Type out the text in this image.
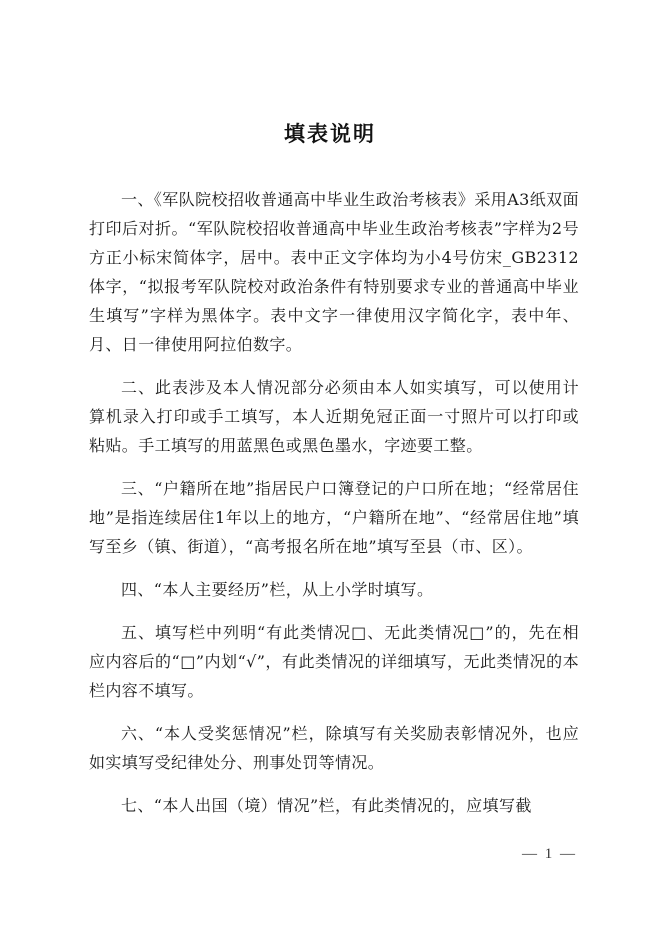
填表说明

一、《军队院校招收普通高中毕业生政治考核表》采用A3纸双面打印后对折。“军队院校招收普通高中毕业生政治考核表”字样为2号方正小标宋简体字，居中。表中正文字体均为小4号仿宋_GB2312体字，“拟报考军队院校对政治条件有特别要求专业的普通高中毕业生填写”字样为黑体字。表中文字一律使用汉字简化字，表中年、月、日一律使用阿拉伯数字。

二、此表涉及本人情况部分必须由本人如实填写，可以使用计算机录入打印或手工填写，本人近期免冠正面一寸照片可以打印或粘贴。手工填写的用蓝黑色或黑色墨水，字迹要工整。

三、“户籍所在地”指居民户口簿登记的户口所在地；“经常居住地”是指连续居住1年以上的地方，“户籍所在地”、“经常居住地”填写至乡（镇、街道），“高考报名所在地”填写至县（市、区）。

四、“本人主要经历”栏，从上小学时填写。

五、填写栏中列明“有此类情况□、无此类情况□”的，先在相应内容后的“□”内划“√”，有此类情况的详细填写，无此类情况的本栏内容不填写。

六、“本人受奖惩情况”栏，除填写有关奖励表彰情况外，也应如实填写受纪律处分、刑事处罚等情况。

七、“本人出国（境）情况”栏，有此类情况的，应填写截

— 1 —
